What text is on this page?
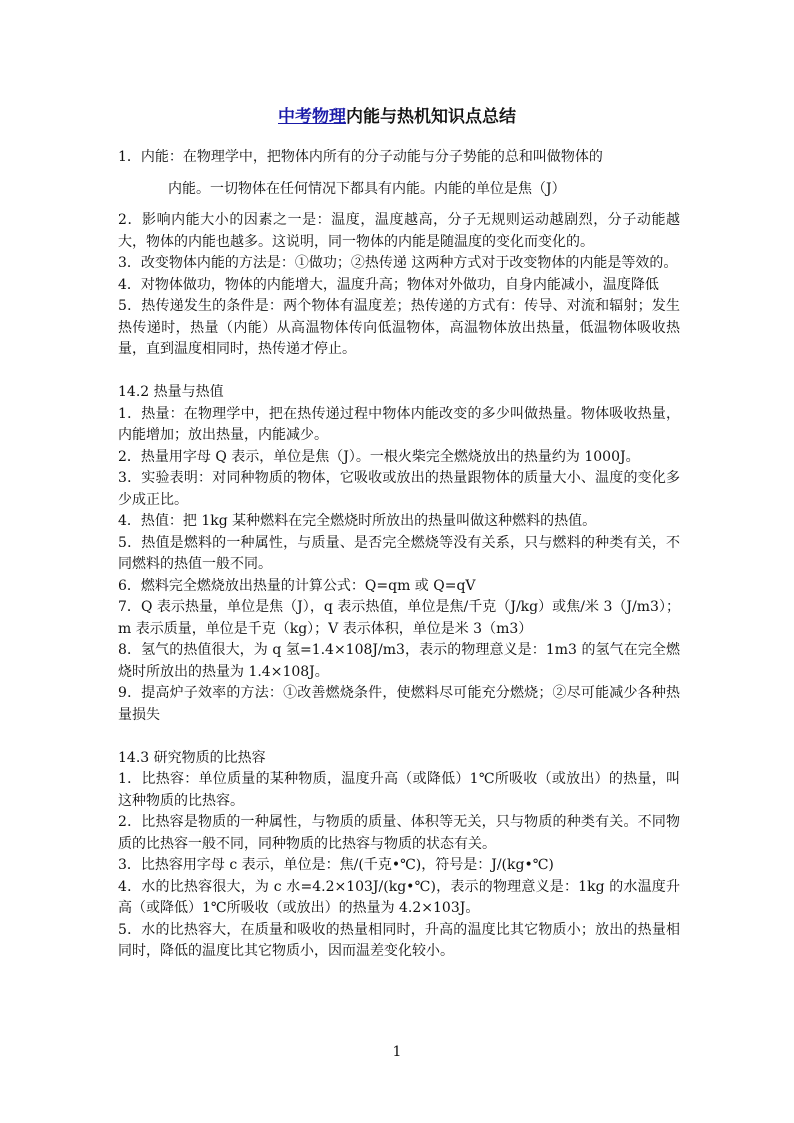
中考物理内能与热机知识点总结

1．内能：在物理学中，把物体内所有的分子动能与分子势能的总和叫做物体的
内能。一切物体在任何情况下都具有内能。内能的单位是焦（J）

2．影响内能大小的因素之一是：温度，温度越高，分子无规则运动越剧烈，分子动能越大，物体的内能也越多。这说明，同一物体的内能是随温度的变化而变化的。

3．改变物体内能的方法是：①做功；②热传递 这两种方式对于改变物体的内能是等效的。

4．对物体做功，物体的内能增大，温度升高；物体对外做功，自身内能减小，温度降低

5．热传递发生的条件是：两个物体有温度差；热传递的方式有：传导、对流和辐射；发生热传递时，热量（内能）从高温物体传向低温物体，高温物体放出热量，低温物体吸收热量，直到温度相同时，热传递才停止。

14.2 热量与热值

1．热量：在物理学中，把在热传递过程中物体内能改变的多少叫做热量。物体吸收热量，内能增加；放出热量，内能减少。

2．热量用字母 Q 表示，单位是焦（J）。一根火柴完全燃烧放出的热量约为 1000J。

3．实验表明：对同种物质的物体，它吸收或放出的热量跟物体的质量大小、温度的变化多少成正比。

4．热值：把 1kg 某种燃料在完全燃烧时所放出的热量叫做这种燃料的热值。

5．热值是燃料的一种属性，与质量、是否完全燃烧等没有关系，只与燃料的种类有关，不同燃料的热值一般不同。

6．燃料完全燃烧放出热量的计算公式：Q=qm 或 Q=qV

7．Q 表示热量，单位是焦（J），q 表示热值，单位是焦/千克（J/kg）或焦/米 3（J/m3）；m 表示质量，单位是千克（kg）；V 表示体积，单位是米 3（m3）

8．氢气的热值很大，为 q 氢=1.4×108J/m3，表示的物理意义是：1m3 的氢气在完全燃烧时所放出的热量为 1.4×108J。

9．提高炉子效率的方法：①改善燃烧条件，使燃料尽可能充分燃烧；②尽可能减少各种热量损失

14.3 研究物质的比热容

1．比热容：单位质量的某种物质，温度升高（或降低）1℃所吸收（或放出）的热量，叫这种物质的比热容。

2．比热容是物质的一种属性，与物质的质量、体积等无关，只与物质的种类有关。不同物质的比热容一般不同，同种物质的比热容与物质的状态有关。

3．比热容用字母 c 表示，单位是：焦/(千克•℃)，符号是：J/(kg•℃)

4．水的比热容很大，为 c 水=4.2×103J/(kg•℃)，表示的物理意义是：1kg 的水温度升高（或降低）1℃所吸收（或放出）的热量为 4.2×103J。

5．水的比热容大，在质量和吸收的热量相同时，升高的温度比其它物质小；放出的热量相同时，降低的温度比其它物质小，因而温差变化较小。

1
